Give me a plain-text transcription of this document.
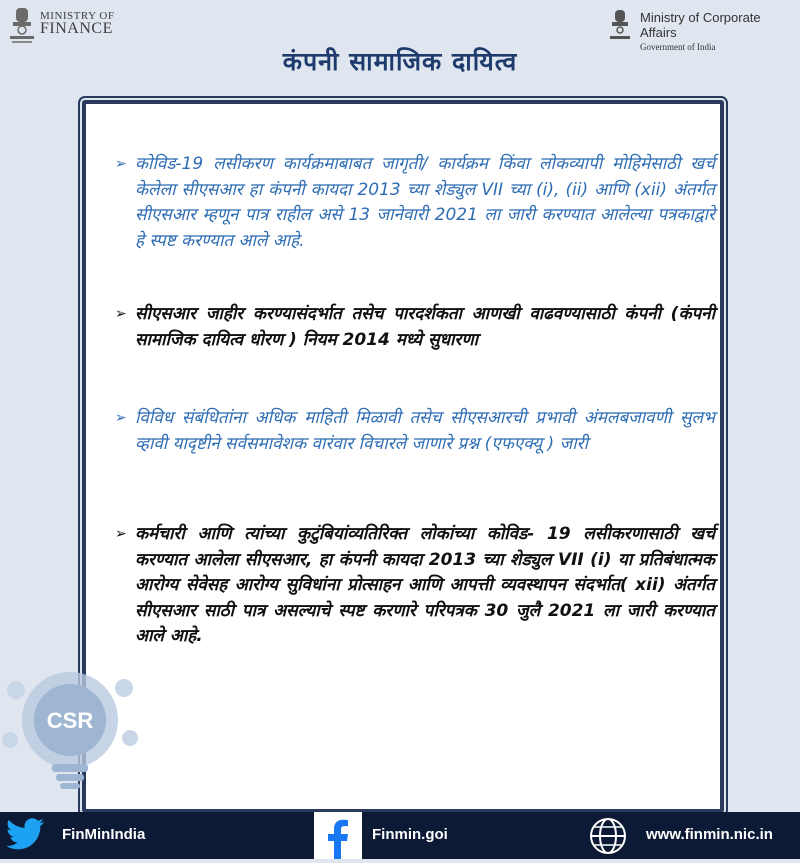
MINISTRY OF
FINANCE
Ministry of Corporate Affairs
Government of India
कंपनी सामाजिक दायित्व
➢ कोविड-19 लसीकरण कार्यक्रमाबाबत जागृती/ कार्यक्रम किंवा लोकव्यापी मोहिमेसाठी खर्च केलेला सीएसआर हा कंपनी कायदा 2013 च्या शेड्युल VII च्या (i), (ii) आणि (xii) अंतर्गत सीएसआर म्हणून पात्र राहील असे 13 जानेवारी 2021 ला जारी करण्यात आलेल्या पत्रकाद्वारे हे स्पष्ट करण्यात आले आहे.
➢ सीएसआर जाहीर करण्यासंदर्भात तसेच पारदर्शकता आणखी वाढवण्यासाठी कंपनी (कंपनी सामाजिक दायित्व धोरण ) नियम 2014 मध्ये सुधारणा
➢ विविध संबंधितांना अधिक माहिती मिळावी तसेच सीएसआरची प्रभावी अंमलबजावणी सुलभ व्हावी यादृष्टीने सर्वसमावेशक वारंवार विचारले जाणारे प्रश्न (एफएक्यू ) जारी
➢ कर्मचारी आणि त्यांच्या कुटुंबियांव्यतिरिक्त लोकांच्या कोविड- 19 लसीकरणासाठी खर्च करण्यात आलेला सीएसआर, हा कंपनी कायदा 2013 च्या शेड्युल VII (i) या प्रतिबंधात्मक आरोग्य सेवेसह आरोग्य सुविधांना प्रोत्साहन आणि आपत्ती व्यवस्थापन संदर्भात( xii) अंतर्गत सीएसआर साठी पात्र असल्याचे स्पष्ट करणारे परिपत्रक 30 जुलै 2021 ला जारी करण्यात आले आहे.
CSR
FinMinIndia	Finmin.goi	www.finmin.nic.in
